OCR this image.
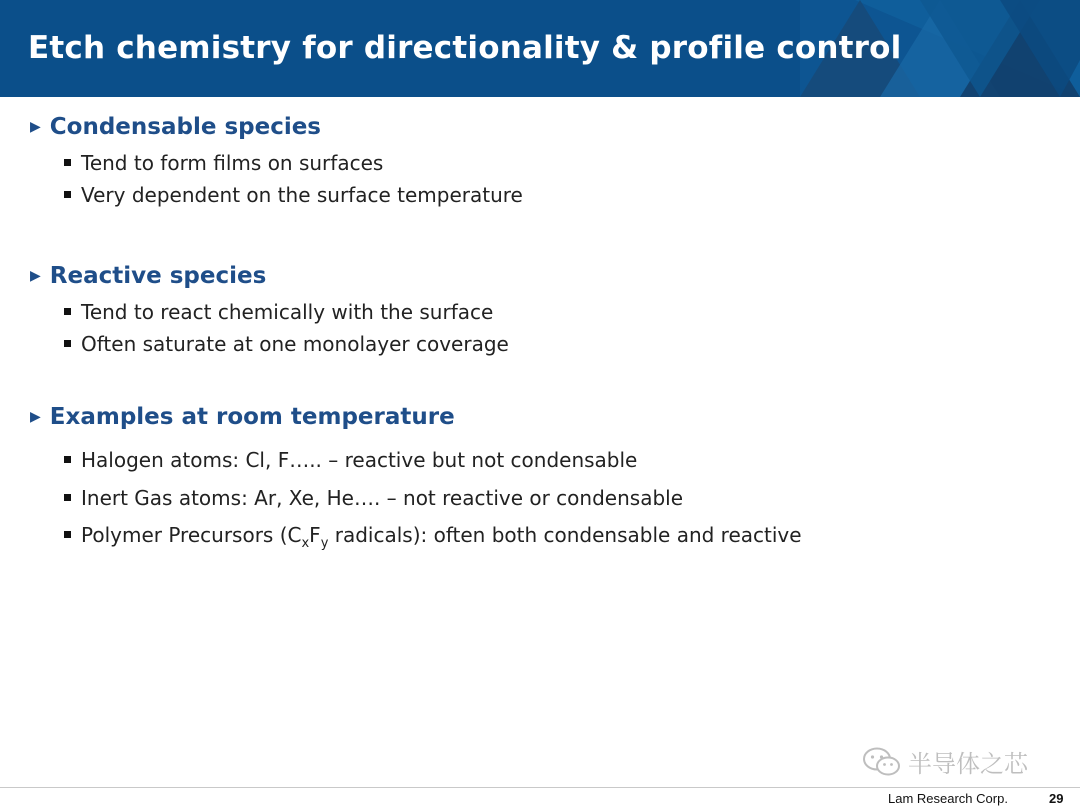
Etch chemistry for directionality & profile control
▶ Condensable species
Tend to form films on surfaces
Very dependent on the surface temperature
▶ Reactive species
Tend to react chemically with the surface
Often saturate at one monolayer coverage
▶ Examples at room temperature
Halogen atoms: Cl, F….. – reactive but not condensable
Inert Gas atoms: Ar, Xe, He…. – not reactive or condensable
Polymer Precursors ($C_xF_y$ radicals): often both condensable and reactive
半导体之芯
Lam Research Corp.	29
